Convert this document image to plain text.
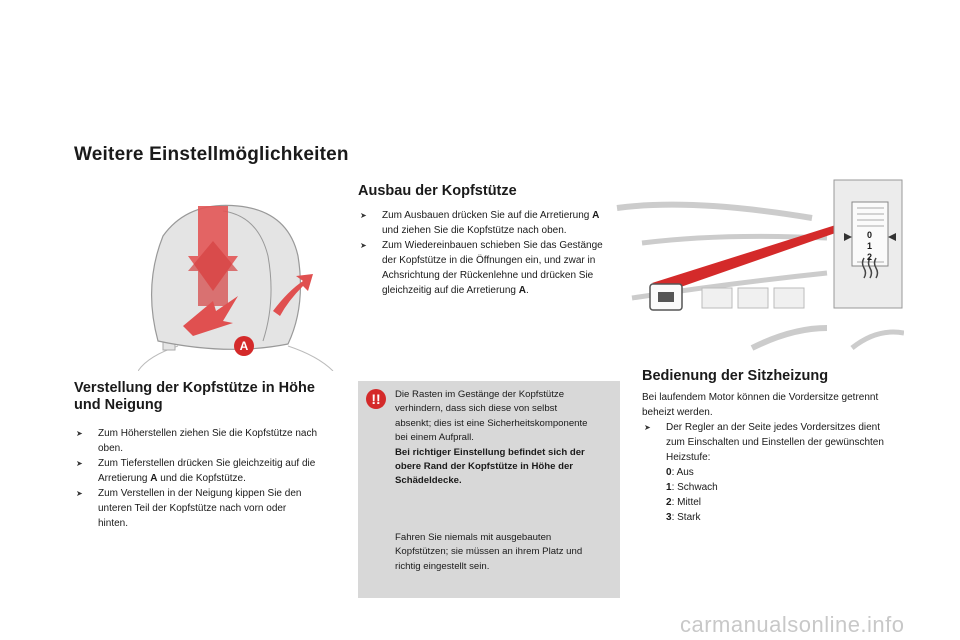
Weitere Einstellmöglichkeiten
A
Verstellung der Kopfstütze in Höhe
und Neigung
➤ Zum Höherstellen ziehen Sie die Kopfstütze nach
oben.
➤ Zum Tieferstellen drücken Sie gleichzeitig auf die
Arretierung A und die Kopfstütze.
➤ Zum Verstellen in der Neigung kippen Sie den
unteren Teil der Kopfstütze nach vorn oder
hinten.
Ausbau der Kopfstütze
➤ Zum Ausbauen drücken Sie auf die Arretierung A
und ziehen Sie die Kopfstütze nach oben.
➤ Zum Wiedereinbauen schieben Sie das Gestänge
der Kopfstütze in die Öffnungen ein, und zwar in
Achsrichtung der Rückenlehne und drücken Sie
gleichzeitig auf die Arretierung A.
!!	Die Rasten im Gestänge der Kopfstütze
verhindern, dass sich diese von selbst
absenkt; dies ist eine Sicherheitskomponente
bei einem Aufprall.
Bei richtiger Einstellung befindet sich der
obere Rand der Kopfstütze in Höhe der
Schädeldecke.

Fahren Sie niemals mit ausgebauten
Kopfstützen; sie müssen an ihrem Platz und
richtig eingestellt sein.

0
1
2
Bedienung der Sitzheizung

Bei laufendem Motor können die Vordersitze getrennt
beheizt werden.

➤ Der Regler an der Seite jedes Vordersitzes dient
zum Einschalten und Einstellen der gewünschten
Heizstufe:
0: Aus
1: Schwach
2: Mittel
3: Stark
carmanualsonline.info
